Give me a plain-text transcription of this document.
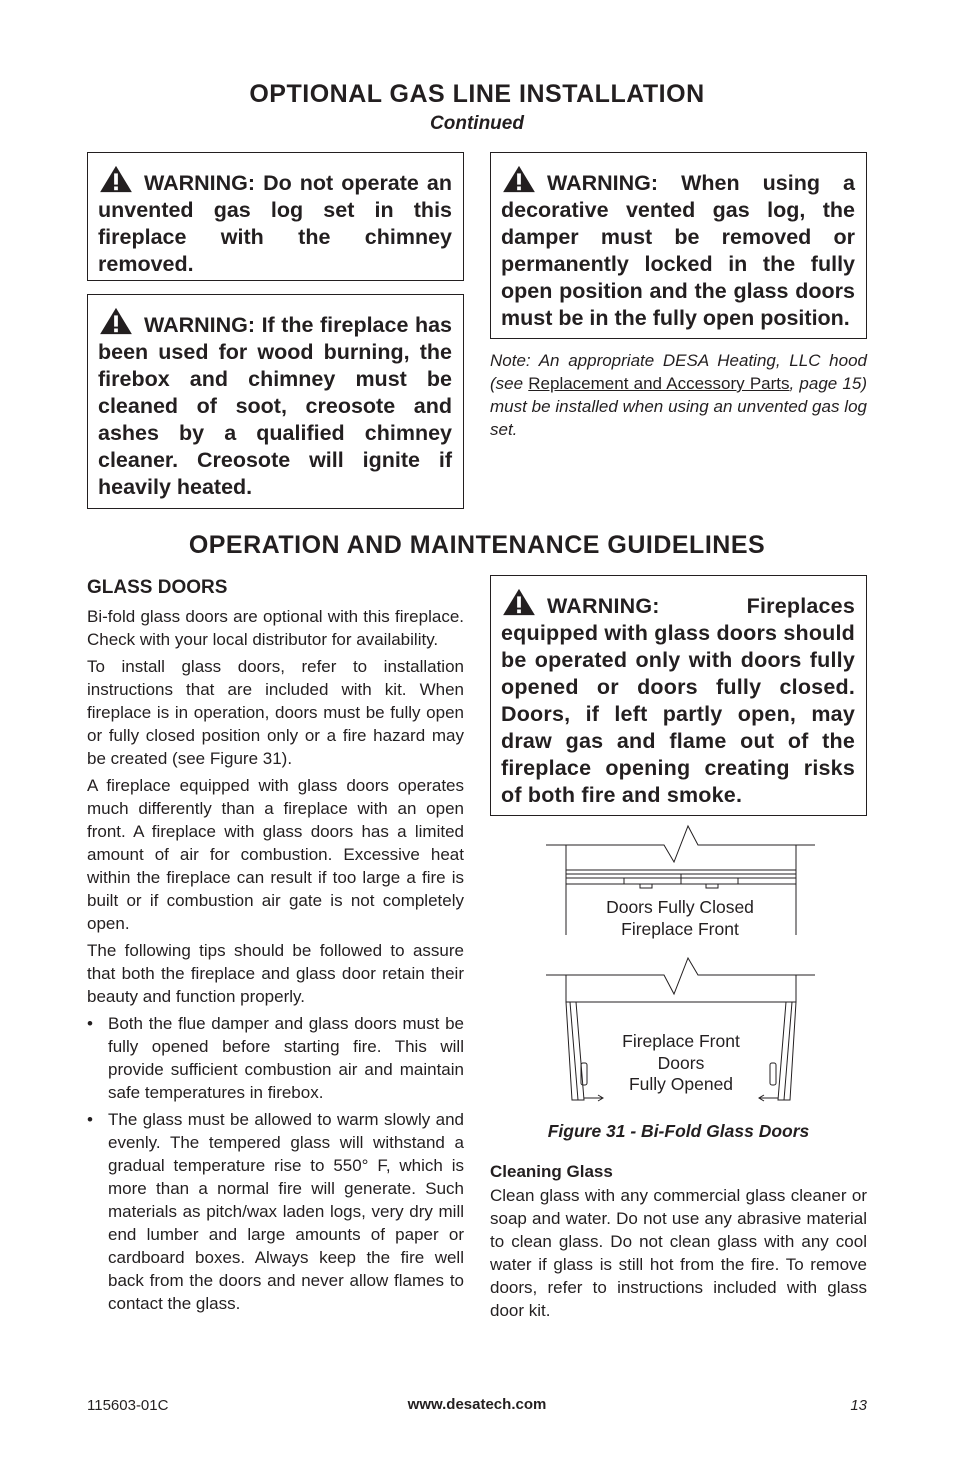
OPTIONAL GAS LINE INSTALLATION
Continued
WARNING: Do not operate an unvented gas log set in this fireplace with the chimney removed.
WARNING: If the fireplace has been used for wood burning, the firebox and chimney must be cleaned of soot, creosote and ashes by a qualified chimney cleaner. Creosote will ignite if heavily heated.
WARNING: When using a decorative vented gas log, the damper must be removed or permanently locked in the fully open position and the glass doors must be in the fully open position.
Note: An appropriate DESA Heating, LLC hood (see Replacement and Accessory Parts, page 15) must be installed when using an unvented gas log set.
OPERATION AND MAINTENANCE GUIDELINES
GLASS DOORS

Bi-fold glass doors are optional with this fireplace. Check with your local distributor for availability.

To install glass doors, refer to installation instructions that are included with kit. When fireplace is in operation, doors must be fully open or fully closed position only or a fire hazard may be created (see Figure 31).

A fireplace equipped with glass doors operates much differently than a fireplace with an open front. A fireplace with glass doors has a limited amount of air for combustion. Excessive heat within the fireplace can result if too large a fire is built or if combustion air gate is not completely open.

The following tips should be followed to assure that both the fireplace and glass door retain their beauty and function properly.

• Both the flue damper and glass doors must be fully opened before starting fire. This will provide sufficient combustion air and maintain safe temperatures in firebox.
• The glass must be allowed to warm slowly and evenly. The tempered glass will withstand a gradual temperature rise to 550° F, which is more than a normal fire will generate. Such materials as pitch/wax laden logs, very dry mill end lumber and large amounts of paper or cardboard boxes. Always keep the fire well back from the doors and never allow flames to contact the glass.
WARNING: Fireplaces equipped with glass doors should be operated only with doors fully opened or doors fully closed. Doors, if left partly open, may draw gas and flame out of the fireplace opening creating risks of both fire and smoke.
Doors Fully Closed
Fireplace Front
Fireplace Front
Doors
Fully Opened
Figure 31 - Bi-Fold Glass Doors
Cleaning Glass
Clean glass with any commercial glass cleaner or soap and water. Do not use any abrasive material to clean glass. Do not clean glass with any cool water if glass is still hot from the fire. To remove doors, refer to instructions included with glass door kit.
115603-01C	www.desatech.com	13
